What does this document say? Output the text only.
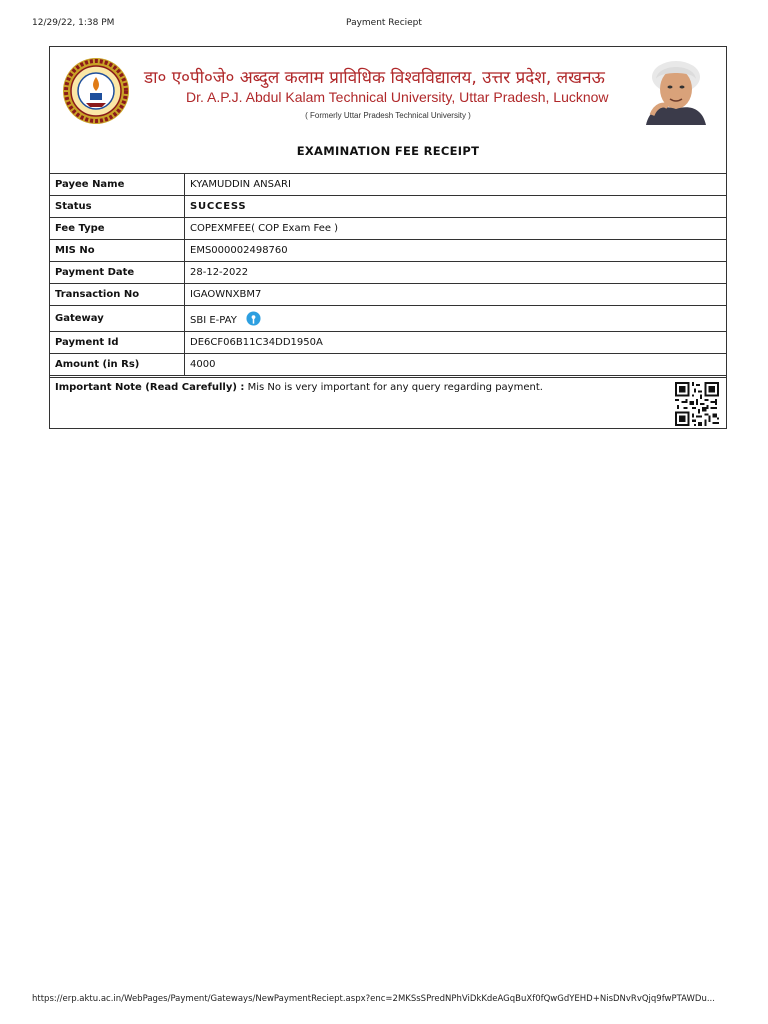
12/29/22, 1:38 PM	Payment Reciept
डा० ए०पी०जे० अब्दुल कलाम प्राविधिक विश्वविद्यालय, उत्तर प्रदेश, लखनऊ
Dr. A.P.J. Abdul Kalam Technical University, Uttar Pradesh, Lucknow
( Formerly Uttar Pradesh Technical University )
EXAMINATION FEE RECEIPT
Payee Name	KYAMUDDIN ANSARI
Status	SUCCESS
Fee Type	COPEXMFEE( COP Exam Fee )
MIS No	EMS000002498760
Payment Date	28-12-2022
Transaction No	IGAOWNXBM7
Gateway	SBI E-PAY
Payment Id	DE6CF06B11C34DD1950A
Amount (in Rs)	4000
Important Note (Read Carefully) : Mis No is very important for any query regarding payment.
https://erp.aktu.ac.in/WebPages/Payment/Gateways/NewPaymentReciept.aspx?enc=2MKSsSPredNPhViDkKdeAGqBuXf0fQwGdYEHD+NisDNvRvQjq9fwPTAWDu...
